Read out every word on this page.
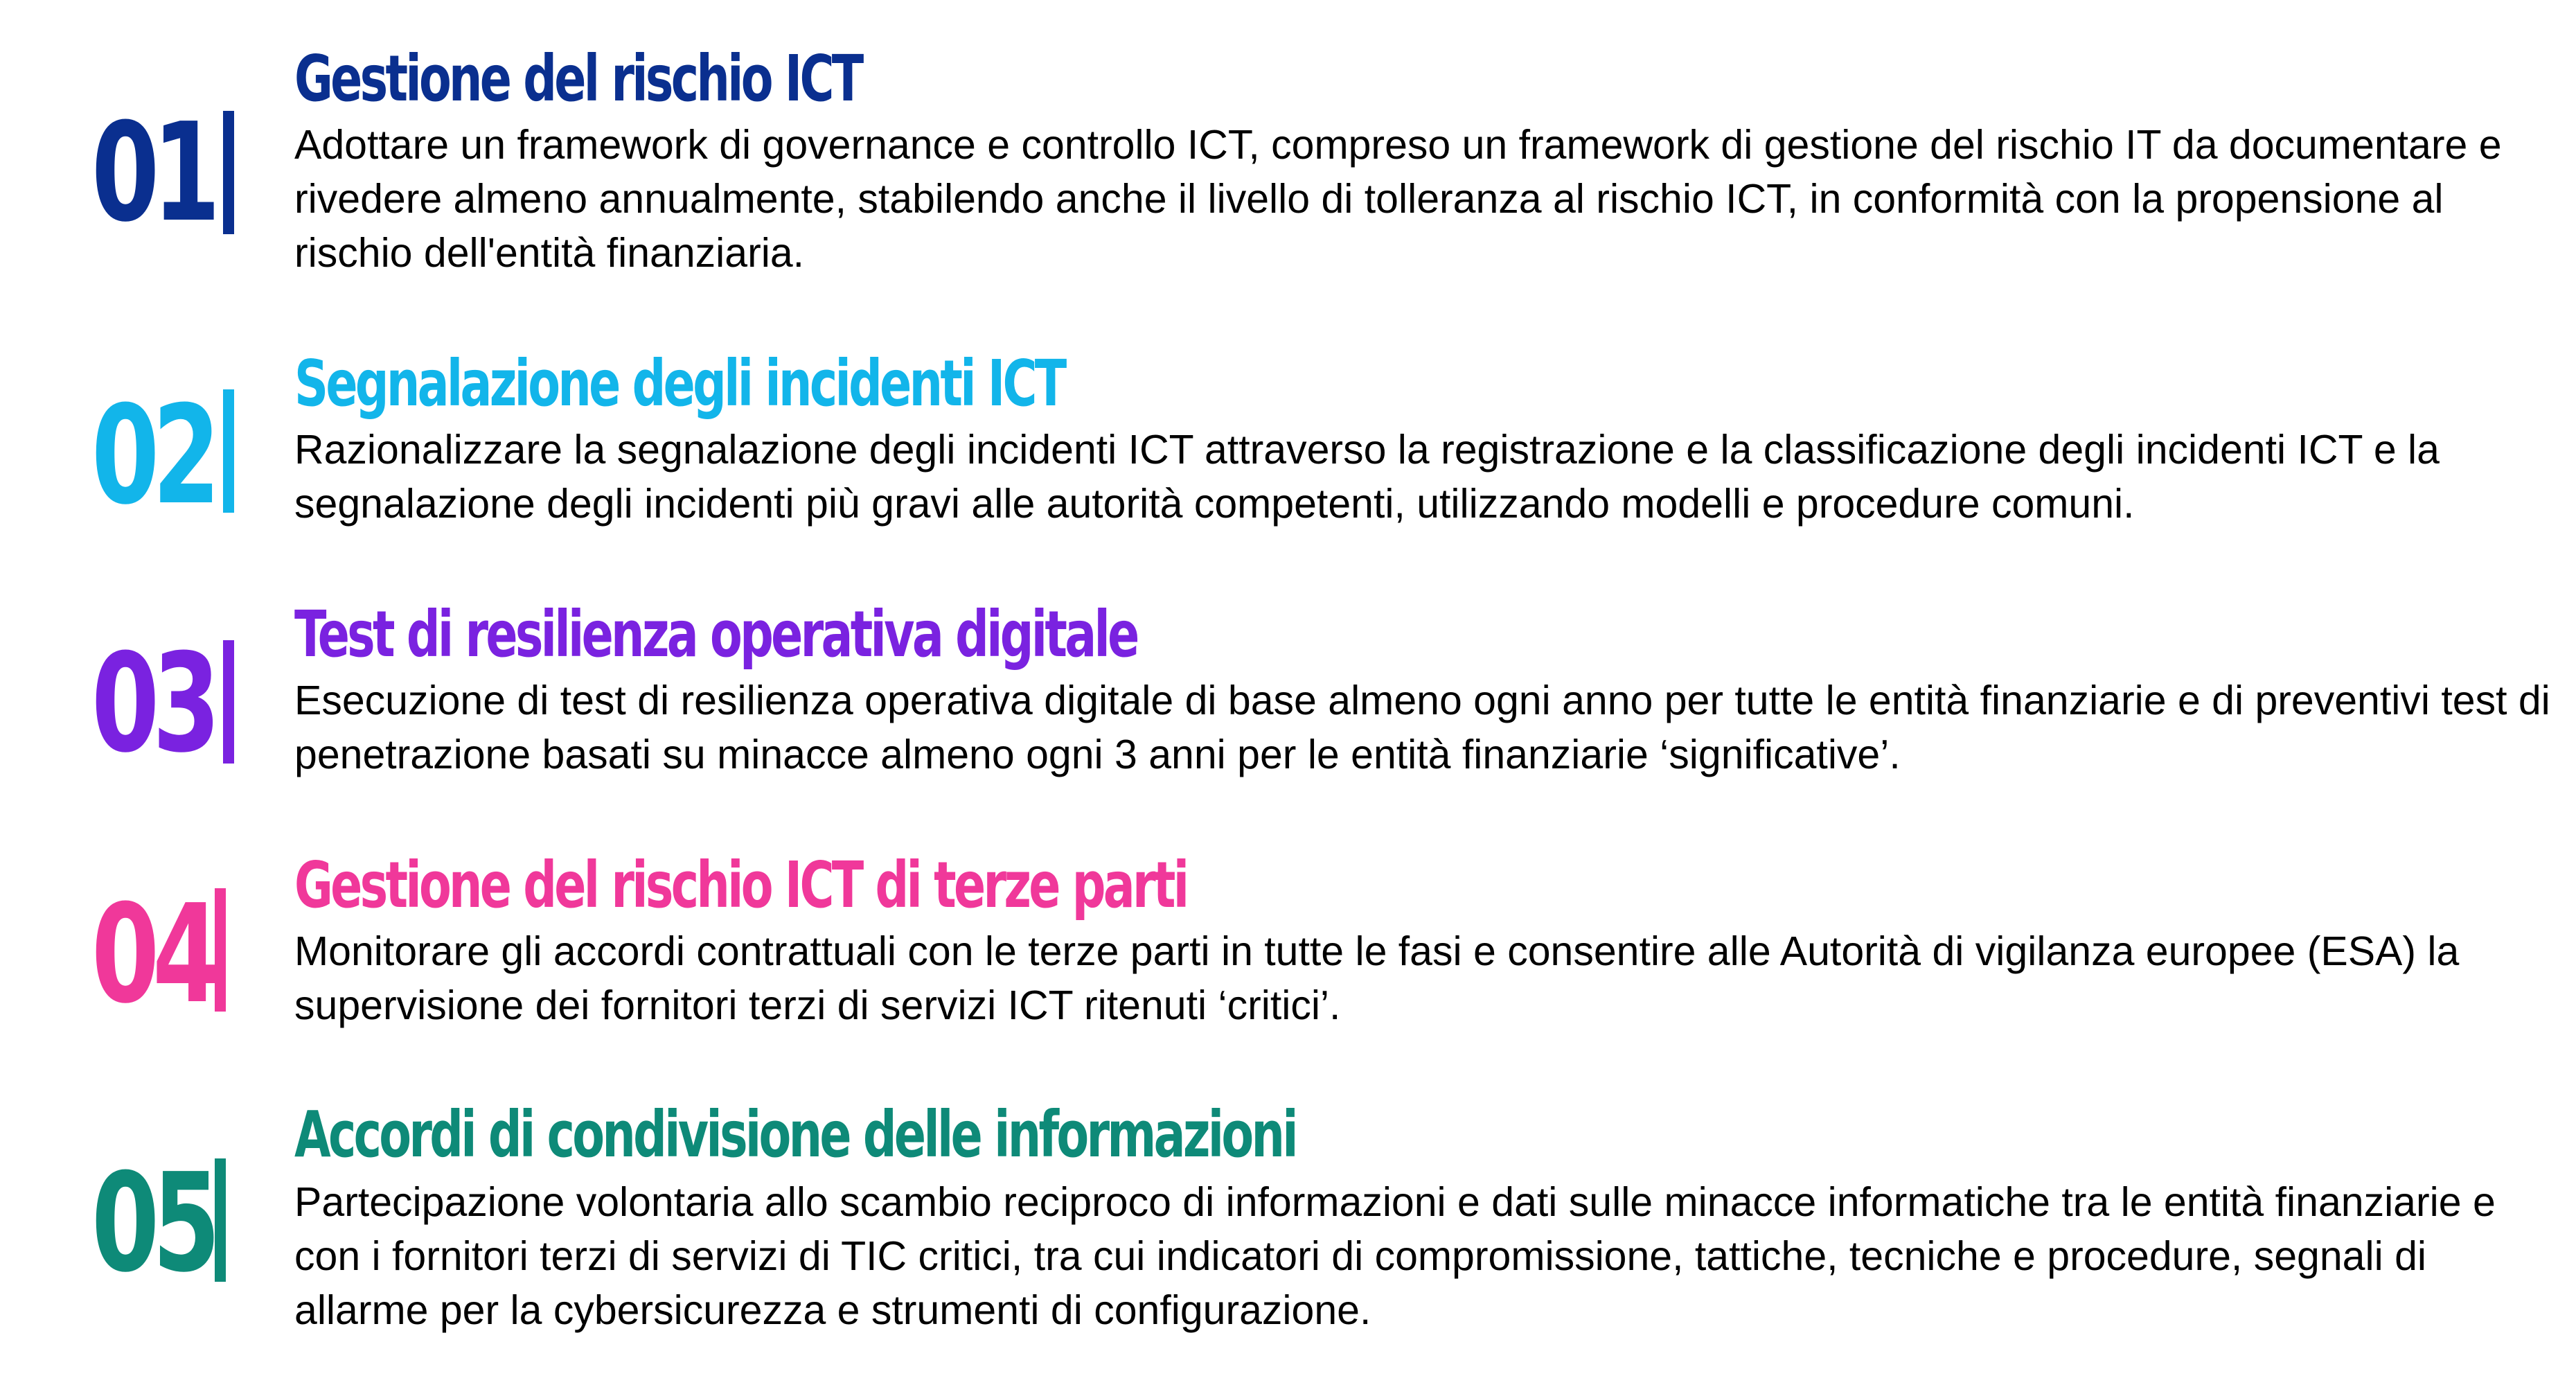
01
Gestione del rischio ICT

Adottare un framework di governance e controllo ICT, compreso un framework di gestione del rischio IT da documentare e rivedere almeno annualmente, stabilendo anche il livello di tolleranza al rischio ICT, in conformità con la propensione al rischio dell'entità finanziaria.

02 Segnalazione degli incidenti ICT

Razionalizzare la segnalazione degli incidenti ICT attraverso la registrazione e la classificazione degli incidenti ICT e la segnalazione degli incidenti più gravi alle autorità competenti, utilizzando modelli e procedure comuni.

03 Test di resilienza operativa digitale

Esecuzione di test di resilienza operativa digitale di base almeno ogni anno per tutte le entità finanziarie e di preventivi test di penetrazione basati su minacce almeno ogni 3 anni per le entità finanziarie ‘significative’.

04 Gestione del rischio ICT di terze parti

Monitorare gli accordi contrattuali con le terze parti in tutte le fasi e consentire alle Autorità di vigilanza europee (ESA) la supervisione dei fornitori terzi di servizi ICT ritenuti ‘critici’.

05
Accordi di condivisione delle informazioni

Partecipazione volontaria allo scambio reciproco di informazioni e dati sulle minacce informatiche tra le entità finanziarie e con i fornitori terzi di servizi di TIC critici, tra cui indicatori di compromissione, tattiche, tecniche e procedure, segnali di allarme per la cybersicurezza e strumenti di configurazione.
